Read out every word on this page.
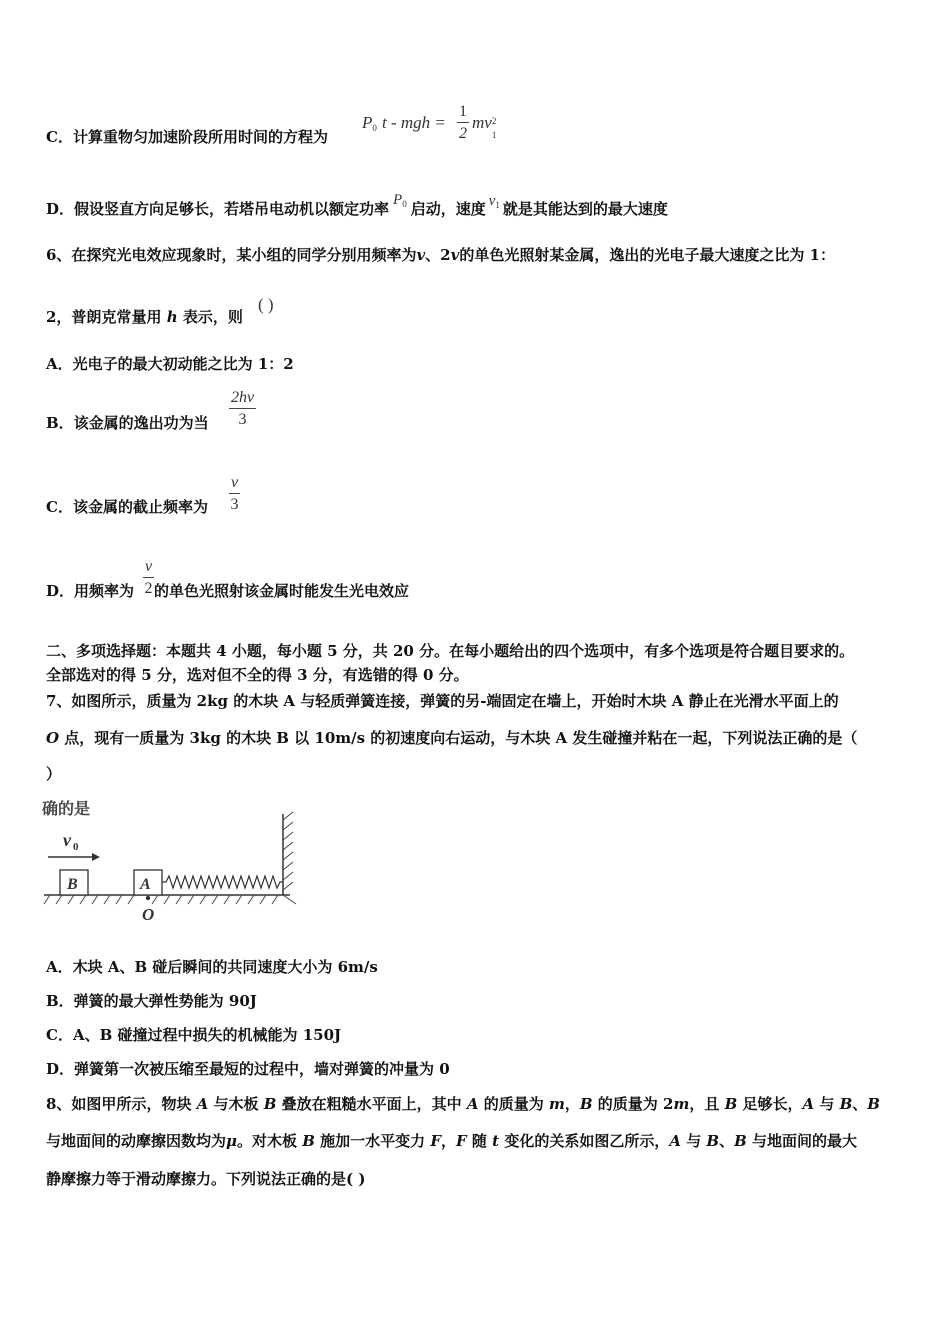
C．计算重物匀加速阶段所用时间的方程为
$P_0$ t - mgh = $\frac{1}{2}$ mv 2
1
D．假设竖直方向足够长，若塔吊电动机以额定功率 $P_0$ 启动，速度 $v_1$ 就是其能达到的最大速度
6、在探究光电效应现象时，某小组的同学分别用频率为v、2v的单色光照射某金属，逸出的光电子最大速度之比为 1：
2，普朗克常量用 h 表示，则
( )
A．光电子的最大初动能之比为 1：2
B．该金属的逸出功为当 $\frac{2hv}{3}$
C．该金属的截止频率为 $\frac{v}{3}$
D．用频率为 的单色光照射该金属时能发生光电效应
$\frac{v}{2}$
二、多项选择题：本题共 4 小题，每小题 5 分，共 20 分。在每小题给出的四个选项中，有多个选项是符合题目要求的。
全部选对的得 5 分，选对但不全的得 3 分，有选错的得 0 分。
7、如图所示，质量为 2kg 的木块 A 与轻质弹簧连接，弹簧的另-端固定在墙上，开始时木块 A 静止在光滑水平面上的
O 点，现有一质量为 3kg 的木块 B 以 10m/s 的初速度向右运动，与木块 A 发生碰撞并粘在一起，下列说法正确的是（
）
确的是
v 0
B	A
O
A．木块 A、B 碰后瞬间的共同速度大小为 6m/s
B．弹簧的最大弹性势能为 90J
C．A、B 碰撞过程中损失的机械能为 150J
D．弹簧第一次被压缩至最短的过程中，墙对弹簧的冲量为 0
8、如图甲所示，物块 A 与木板 B 叠放在粗糙水平面上，其中 A 的质量为 m，B 的质量为 2m，且 B 足够长，A 与 B、B
与地面间的动摩擦因数均为μ。对木板 B 施加一水平变力 F，F 随 t 变化的关系如图乙所示，A 与 B、B 与地面间的最大
静摩擦力等于滑动摩擦力。下列说法正确的是( )
